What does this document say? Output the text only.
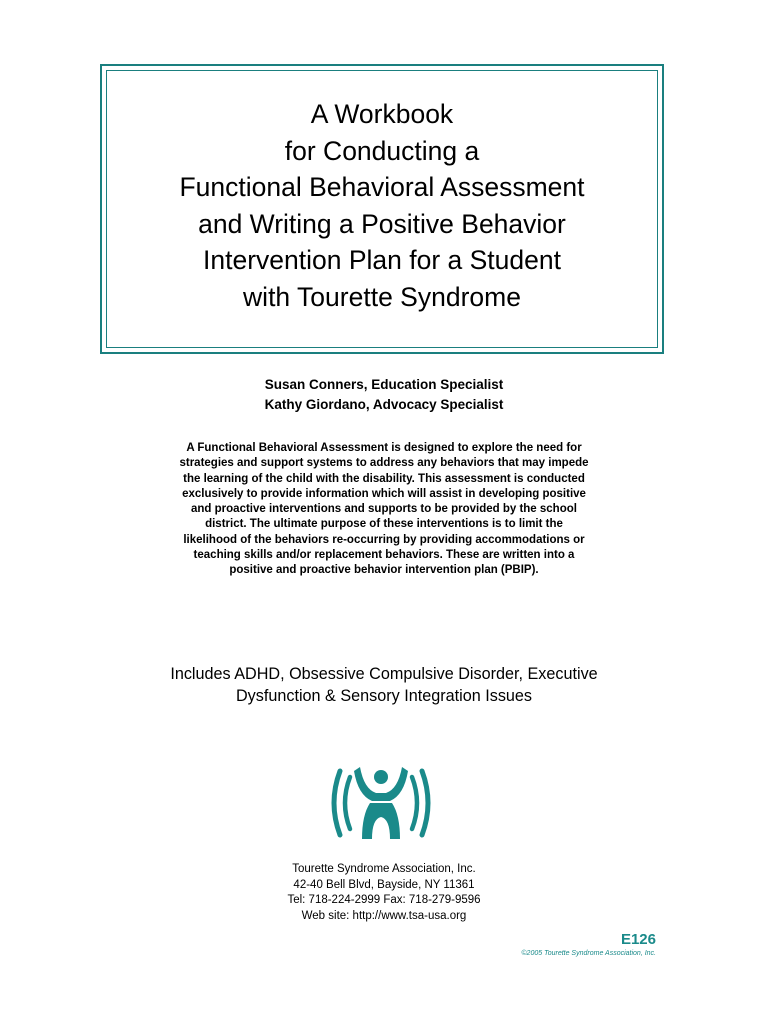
A Workbook
for Conducting a
Functional Behavioral Assessment
and Writing a Positive Behavior
Intervention Plan for a Student
with Tourette Syndrome
Susan Conners, Education Specialist
Kathy Giordano, Advocacy Specialist
A Functional Behavioral Assessment is designed to explore the need for
strategies and support systems to address any behaviors that may impede
the learning of the child with the disability. This assessment is conducted
exclusively to provide information which will assist in developing positive
and proactive interventions and supports to be provided by the school
district. The ultimate purpose of these interventions is to limit the
likelihood of the behaviors re-occurring by providing accommodations or
teaching skills and/or replacement behaviors. These are written into a
positive and proactive behavior intervention plan (PBIP).
Includes ADHD, Obsessive Compulsive Disorder, Executive
Dysfunction & Sensory Integration Issues
Tourette Syndrome Association, Inc.
42-40 Bell Blvd, Bayside, NY 11361
Tel: 718-224-2999 Fax: 718-279-9596
Web site: http://www.tsa-usa.org
E126
©2005 Tourette Syndrome Association, Inc.
